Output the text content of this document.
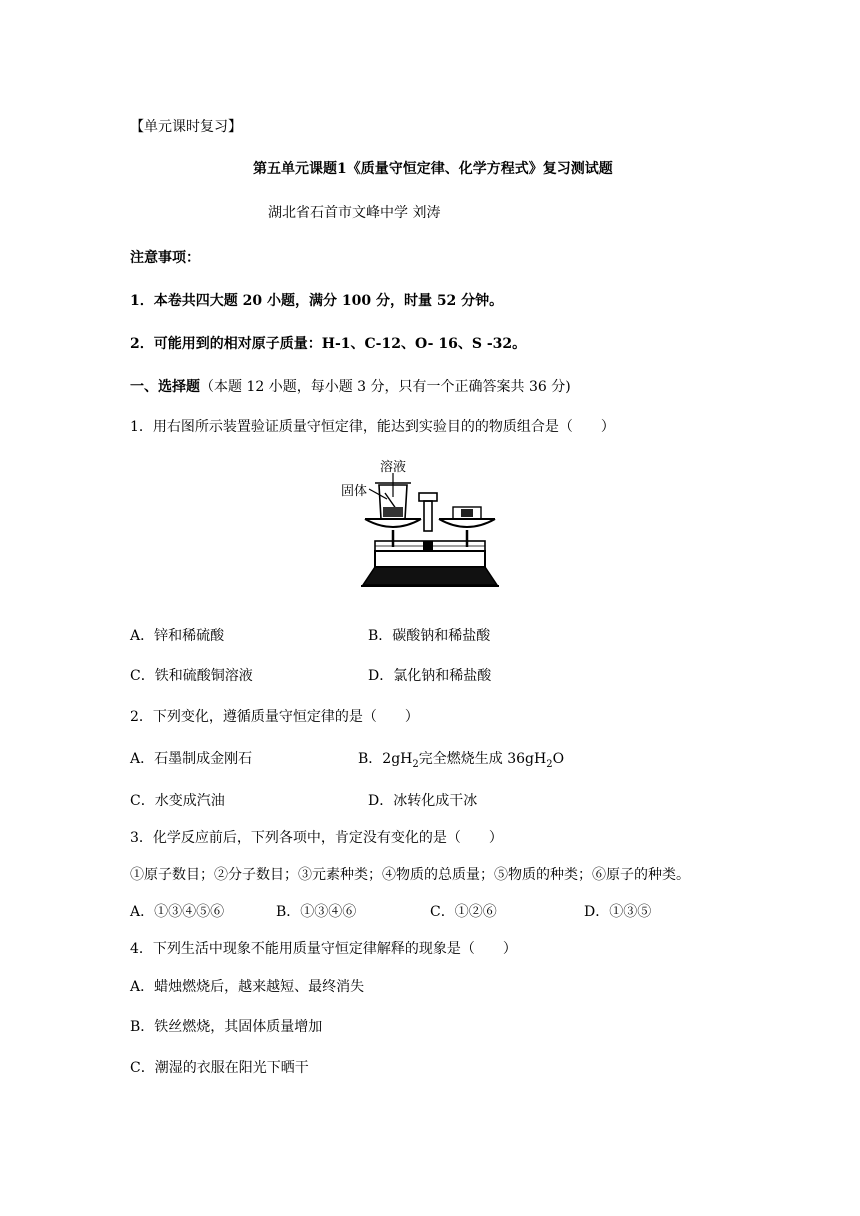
【单元课时复习】
第五单元课题1《质量守恒定律、化学方程式》复习测试题
湖北省石首市文峰中学 刘涛
注意事项：
1．本卷共四大题 20 小题，满分 100 分，时量 52 分钟。
2．可能用到的相对原子质量：H-1、C-12、O- 16、S -32。
一、选择题（本题 12 小题，每小题 3 分，只有一个正确答案共 36 分)
1．用右图所示装置验证质量守恒定律，能达到实验目的的物质组合是（　　）
溶液
固体
A．锌和稀硫酸	B．碳酸钠和稀盐酸
C．铁和硫酸铜溶液	D．氯化钠和稀盐酸
2．下列变化，遵循质量守恒定律的是（　　）
A．石墨制成金刚石	B．$2gH_2$完全燃烧生成 $36gH_2O$
C．水变成汽油	D．冰转化成干冰
3．化学反应前后，下列各项中，肯定没有变化的是（　　）
①原子数目；②分子数目；③元素种类；④物质的总质量；⑤物质的种类；⑥原子的种类。
A．①③④⑤⑥	B．①③④⑥	C．①②⑥	D．①③⑤
4．下列生活中现象不能用质量守恒定律解释的现象是（　　）
A．蜡烛燃烧后，越来越短、最终消失
B．铁丝燃烧，其固体质量增加
C．潮湿的衣服在阳光下晒干
